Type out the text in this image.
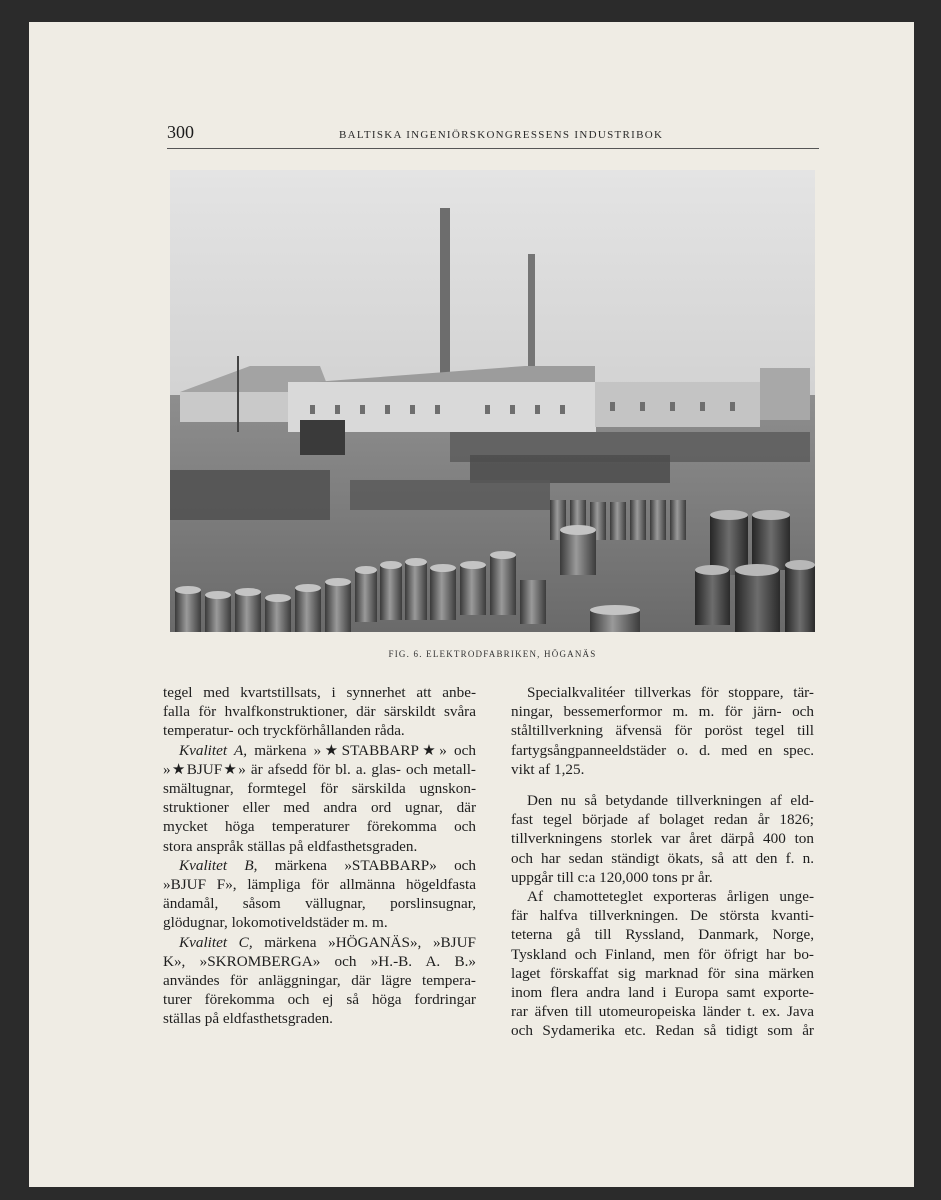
300	BALTISKA INGENIÖRSKONGRESSENS INDUSTRIBOK
FIG. 6. ELEKTRODFABRIKEN, HÖGANÄS

tegel med kvartstillsats, i synnerhet att anbe-

falla för hvalfkonstruktioner, där särskildt svåra

temperatur- och tryckförhållanden råda.

Kvalitet A, märkena »★STABBARP★» och

»★BJUF★» är afsedd för bl. a. glas- och metall-

smältugnar, formtegel för särskilda ugnskon-

struktioner eller med andra ord ugnar, där

mycket höga temperaturer förekomma och

stora anspråk ställas på eldfasthetsgraden.

Kvalitet B, märkena »STABBARP» och

»BJUF F», lämpliga för allmänna högeldfasta

ändamål, såsom vällugnar, porslinsugnar,

glödugnar, lokomotiveldstäder m. m.

Kvalitet C, märkena »HÖGANÄS», »BJUF

K», »SKROMBERGA» och »H.-B. A. B.»

användes för anläggningar, där lägre tempera-

turer förekomma och ej så höga fordringar

ställas på eldfasthetsgraden.

Specialkvalitéer tillverkas för stoppare, tär-

ningar, bessemerformor m. m. för järn- och

ståltillverkning äfvensä för poröst tegel till

fartygsångpanneeldstäder o. d. med en spec.

vikt af 1,25.

Den nu så betydande tillverkningen af eld-

fast tegel började af bolaget redan år 1826;

tillverkningens storlek var året därpå 400 ton

och har sedan ständigt ökats, så att den f. n.

uppgår till c:a 120,000 tons pr år.

Af chamotteteglet exporteras årligen unge-

fär halfva tillverkningen. De största kvanti-

teterna gå till Ryssland, Danmark, Norge,

Tyskland och Finland, men för öfrigt har bo-

laget förskaffat sig marknad för sina märken

inom flera andra land i Europa samt exporte-

rar äfven till utomeuropeiska länder t. ex. Java

och Sydamerika etc. Redan så tidigt som år
